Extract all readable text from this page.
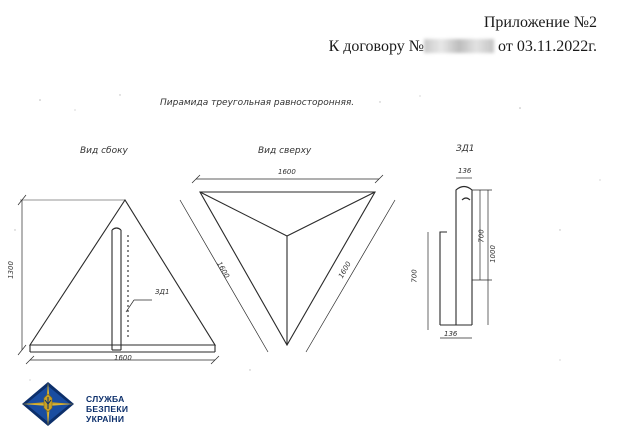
Приложение №2
К договору №	от 03.11.2022г.
Пирамида треугольная равносторонняя.
Вид сбоку	Вид сверху	ЗД1
1300
1600
ЗД1
1600
1600	1600
136
136
700
700
1000
СЛУЖБА
БЕЗПЕКИ
УКРАЇНИ
